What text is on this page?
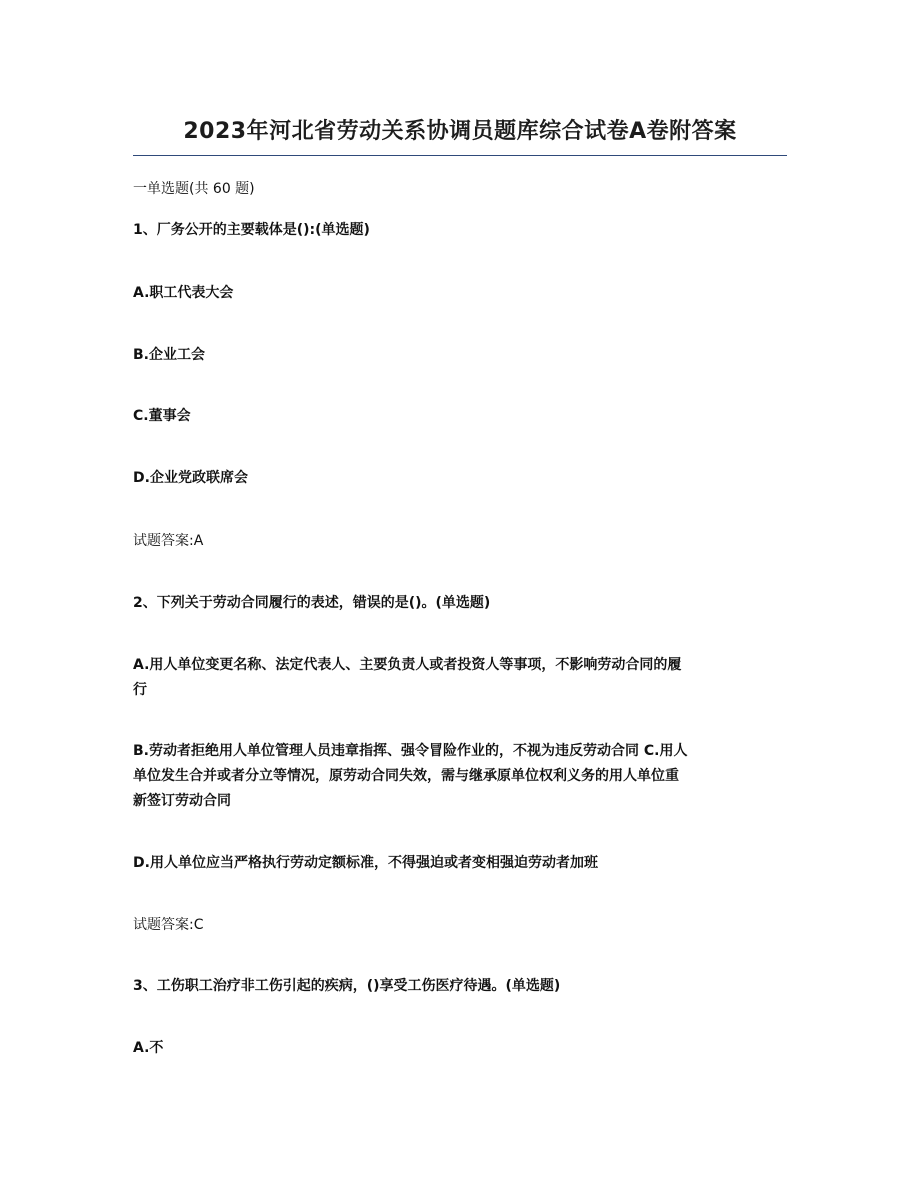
2023年河北省劳动关系协调员题库综合试卷A卷附答案
一单选题(共 60 题)
1、厂务公开的主要载体是():(单选题)
A.职工代表大会
B.企业工会
C.董事会
D.企业党政联席会
试题答案:A
2、下列关于劳动合同履行的表述，错误的是()。(单选题)
A.用人单位变更名称、法定代表人、主要负责人或者投资人等事项，不影响劳动合同的履
行
B.劳动者拒绝用人单位管理人员违章指挥、强令冒险作业的，不视为违反劳动合同 C.用人
单位发生合并或者分立等情况，原劳动合同失效，需与继承原单位权利义务的用人单位重
新签订劳动合同
D.用人单位应当严格执行劳动定额标准，不得强迫或者变相强迫劳动者加班
试题答案:C
3、工伤职工治疗非工伤引起的疾病，()享受工伤医疗待遇。(单选题)
A.不
